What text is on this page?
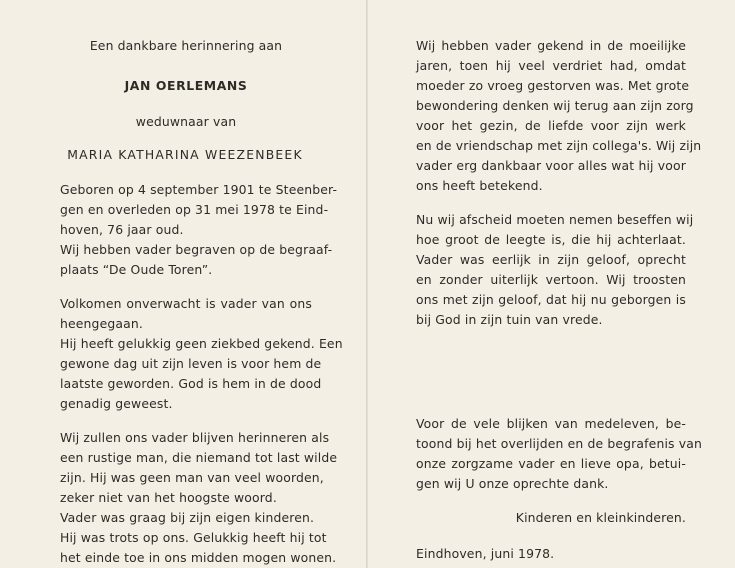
Een dankbare herinnering aan
JAN OERLEMANS
weduwnaar van
MARIA KATHARINA WEEZENBEEK
Geboren op 4 september 1901 te Steenber-
gen en overleden op 31 mei 1978 te Eind-
hoven, 76 jaar oud.
Wij hebben vader begraven op de begraaf-
plaats “De Oude Toren”.
Volkomen onverwacht is vader van ons
heengegaan.
Hij heeft gelukkig geen ziekbed gekend. Een
gewone dag uit zijn leven is voor hem de
laatste geworden. God is hem in de dood
genadig geweest.
Wij zullen ons vader blijven herinneren als
een rustige man, die niemand tot last wilde
zijn. Hij was geen man van veel woorden,
zeker niet van het hoogste woord.
Vader was graag bij zijn eigen kinderen.
Hij was trots op ons. Gelukkig heeft hij tot
het einde toe in ons midden mogen wonen.
Wij hebben vader gekend in de moeilijke
jaren, toen hij veel verdriet had, omdat
moeder zo vroeg gestorven was. Met grote
bewondering denken wij terug aan zijn zorg
voor het gezin, de liefde voor zijn werk
en de vriendschap met zijn collega's. Wij zijn
vader erg dankbaar voor alles wat hij voor
ons heeft betekend.
Nu wij afscheid moeten nemen beseffen wij
hoe groot de leegte is, die hij achterlaat.
Vader was eerlijk in zijn geloof, oprecht
en zonder uiterlijk vertoon. Wij troosten
ons met zijn geloof, dat hij nu geborgen is
bij God in zijn tuin van vrede.
Voor de vele blijken van medeleven, be-
toond bij het overlijden en de begrafenis van
onze zorgzame vader en lieve opa, betui-
gen wij U onze oprechte dank.
Kinderen en kleinkinderen.
Eindhoven, juni 1978.
